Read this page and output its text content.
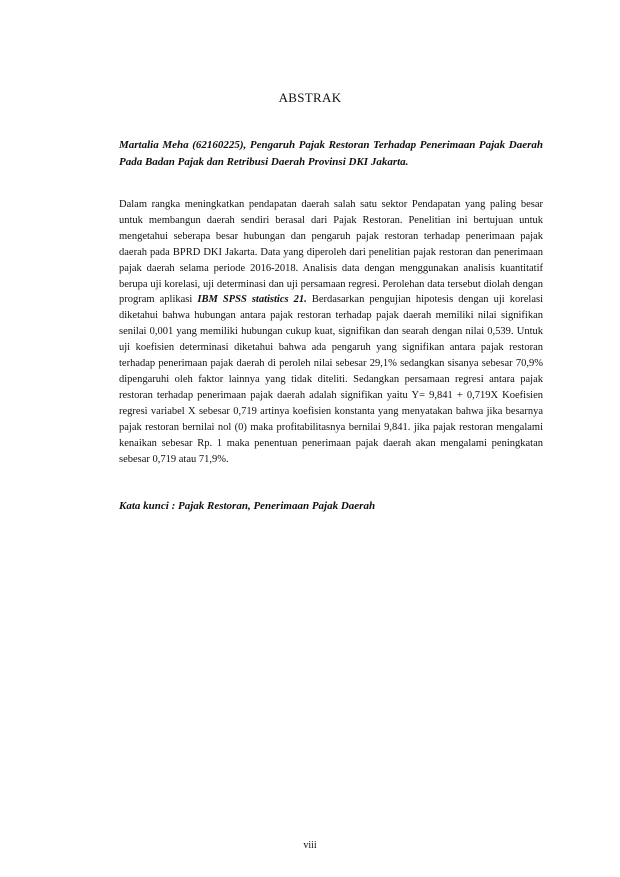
ABSTRAK
Martalia Meha (62160225), Pengaruh Pajak Restoran Terhadap Penerimaan Pajak Daerah Pada Badan Pajak dan Retribusi Daerah Provinsi DKI Jakarta.

Dalam rangka meningkatkan pendapatan daerah salah satu sektor Pendapatan yang paling besar untuk membangun daerah sendiri berasal dari Pajak Restoran. Penelitian ini bertujuan untuk mengetahui seberapa besar hubungan dan pengaruh pajak restoran terhadap penerimaan pajak daerah pada BPRD DKI Jakarta. Data yang diperoleh dari penelitian pajak restoran dan penerimaan pajak daerah selama periode 2016-2018. Analisis data dengan menggunakan analisis kuantitatif berupa uji korelasi, uji determinasi dan uji persamaan regresi. Perolehan data tersebut diolah dengan program aplikasi IBM SPSS statistics 21. Berdasarkan pengujian hipotesis dengan uji korelasi diketahui bahwa hubungan antara pajak restoran terhadap pajak daerah memiliki nilai signifikan senilai 0,001 yang memiliki hubungan cukup kuat, signifikan dan searah dengan nilai 0,539. Untuk uji koefisien determinasi diketahui bahwa ada pengaruh yang signifikan antara pajak restoran terhadap penerimaan pajak daerah di peroleh nilai sebesar 29,1% sedangkan sisanya sebesar 70,9% dipengaruhi oleh faktor lainnya yang tidak diteliti. Sedangkan persamaan regresi antara pajak restoran terhadap penerimaan pajak daerah adalah signifikan yaitu Y= 9,841 + 0,719X Koefisien regresi variabel X sebesar 0,719 artinya koefisien konstanta yang menyatakan bahwa jika besarnya pajak restoran bernilai nol (0) maka profitabilitasnya bernilai 9,841. jika pajak restoran mengalami kenaikan sebesar Rp. 1 maka penentuan penerimaan pajak daerah akan mengalami peningkatan sebesar 0,719 atau 71,9%.

Kata kunci : Pajak Restoran, Penerimaan Pajak Daerah
viii
